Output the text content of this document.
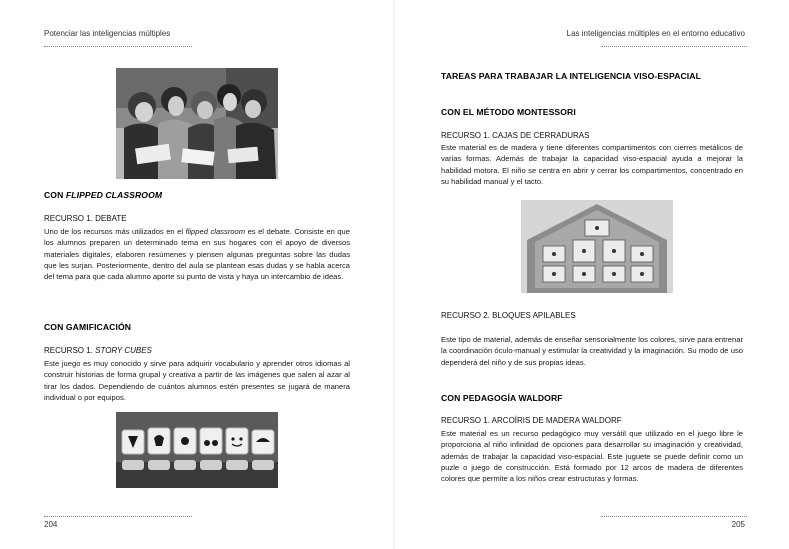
Potenciar las inteligencias múltiples
CON FLIPPED CLASSROOM
RECURSO 1. DEBATE
Uno de los recursos más utilizados en el flipped classroom es el debate. Consiste en que los alumnos preparen un determinado tema en sus hogares con el apoyo de diversos materiales digitales, elaboren resúmenes y piensen algunas preguntas sobre las dudas que les surjan. Posteriormente, dentro del aula se plantean esas dudas y se habla acerca del tema para que cada alumno aporte su punto de vista y haya un intercambio de ideas.
CON GAMIFICACIÓN
RECURSO 1. STORY CUBES
Este juego es muy conocido y sirve para adquirir vocabulario y aprender otros idiomas al construir historias de forma grupal y creativa a partir de las imágenes que salen al azar al tirar los dados. Dependiendo de cuántos alumnos estén presentes se jugará de manera individual o por equipos.
204
Las inteligencias múltiples en el entorno educativo
TAREAS PARA TRABAJAR LA INTELIGENCIA VISO-ESPACIAL
CON EL MÉTODO MONTESSORI
RECURSO 1. CAJAS DE CERRADURAS
Este material es de madera y tiene diferentes compartimentos con cierres metálicos de varias formas. Además de trabajar la capacidad viso-espacial ayuda a mejorar la habilidad motora. El niño se centra en abrir y cerrar los compartimentos, concentrado en su habilidad manual y el tacto.
RECURSO 2. BLOQUES APILABLES
Este tipo de material, además de enseñar sensorialmente los colores, sirve para entrenar la coordinación óculo-manual y estimular la creatividad y la imaginación. Su modo de uso dependerá del niño y de sus propias ideas.
CON PEDAGOGÍA WALDORF
RECURSO 1. ARCOÍRIS DE MADERA WALDORF
Este material es un recurso pedagógico muy versátil que utilizado en el juego libre le proporciona al niño infinidad de opciones para desarrollar su imaginación y creatividad, además de trabajar la capacidad viso-espacial. Este juguete se puede definir como un puzle o juego de construcción. Está formado por 12 arcos de madera de diferentes colores que permite a los niños crear estructuras y formas.
205
